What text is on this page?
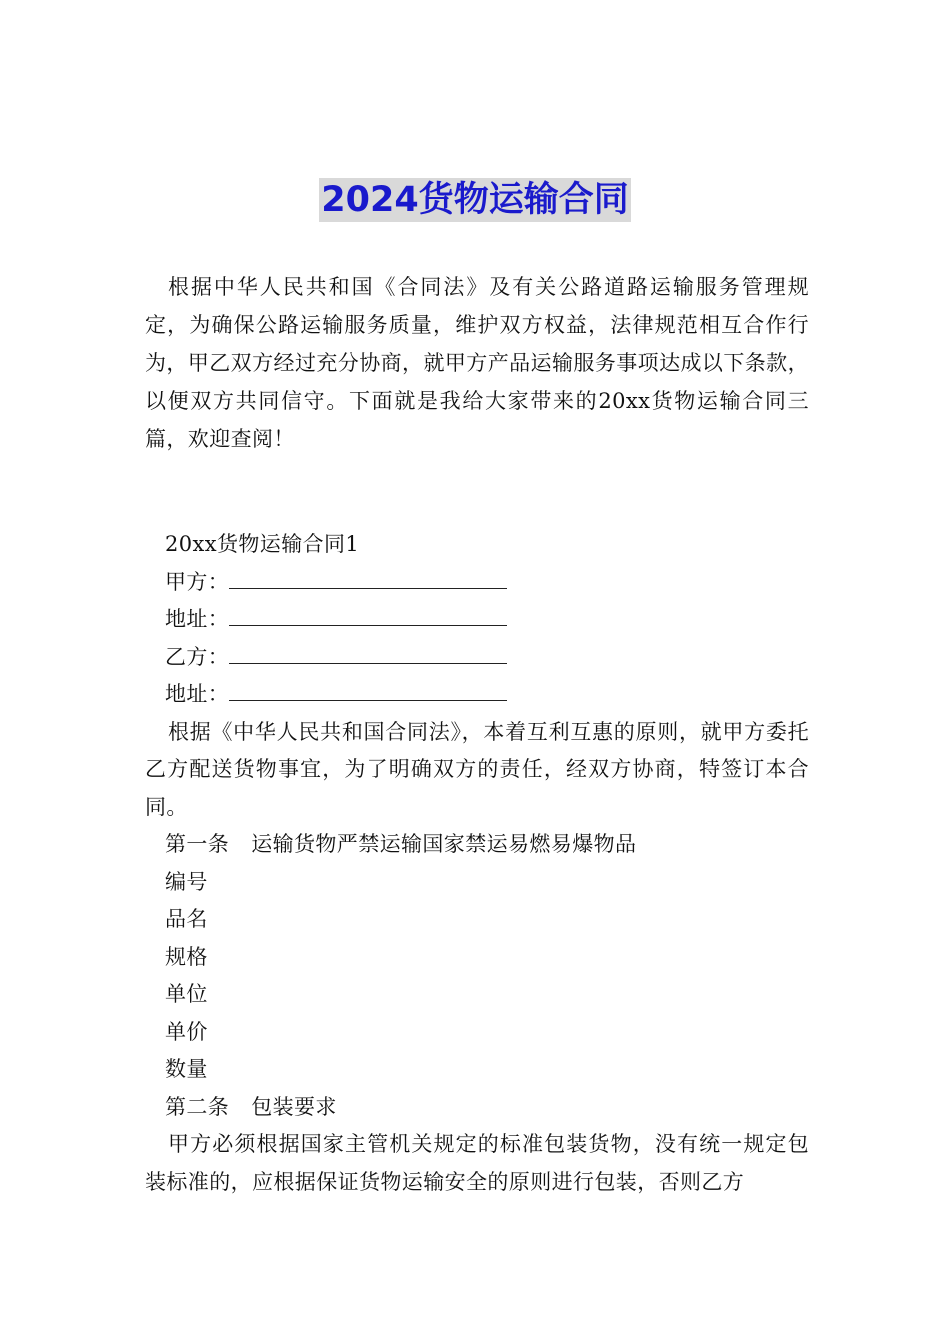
2024货物运输合同
根据中华人民共和国《合同法》及有关公路道路运输服务管理规定，为确保公路运输服务质量，维护双方权益，法律规范相互合作行为，甲乙双方经过充分协商，就甲方产品运输服务事项达成以下条款，以便双方共同信守。下面就是我给大家带来的20xx货物运输合同三篇，欢迎查阅！

20xx货物运输合同1

甲方：

地址：

乙方：

地址：

根据《中华人民共和国合同法》，本着互利互惠的原则，就甲方委托乙方配送货物事宜，为了明确双方的责任，经双方协商，特签订本合同。

第一条 运输货物严禁运输国家禁运易燃易爆物品

编号

品名

规格

单位

单价

数量

第二条 包装要求

甲方必须根据国家主管机关规定的标准包装货物，没有统一规定包装标准的，应根据保证货物运输安全的原则进行包装，否则乙方
